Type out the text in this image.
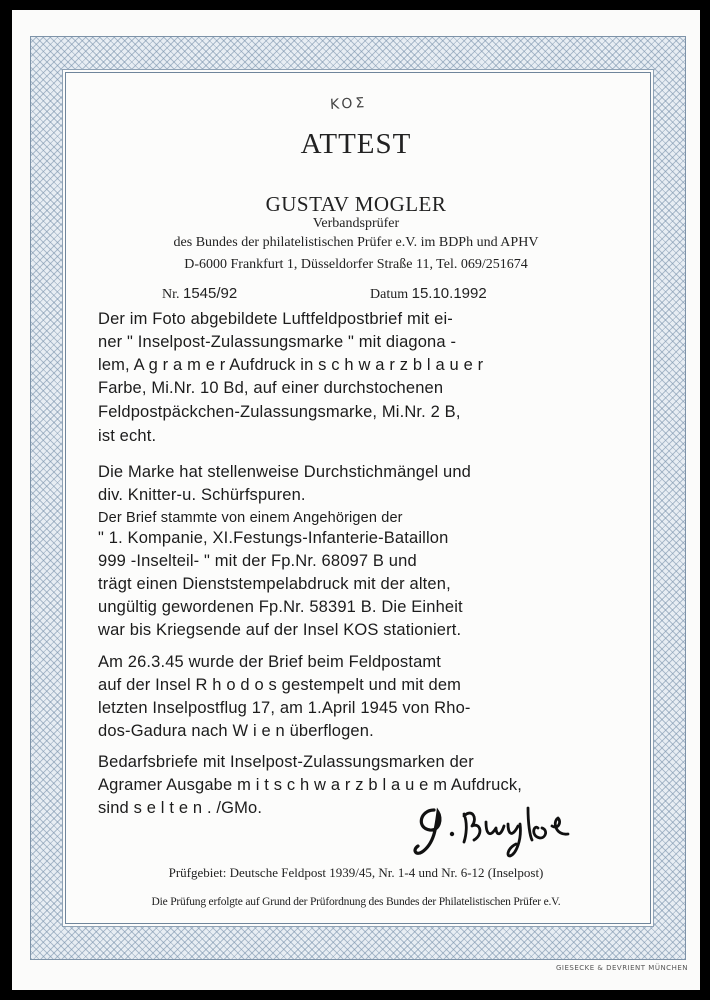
KOΣ
ATTEST
GUSTAV MOGLER
Verbandsprüfer
des Bundes der philatelistischen Prüfer e.V. im BDPh und APHV
D-6000 Frankfurt 1, Düsseldorfer Straße 11, Tel. 069/251674
Nr. 1545/92	Datum 15.10.1992
Der im Foto abgebildete Luftfeldpostbrief mit ei-
ner " Inselpost-Zulassungsmarke " mit diagona -
lem, A g r a m e r Aufdruck in s c h w a r z b l a u e r
Farbe, Mi.Nr. 10 Bd, auf einer durchstochenen
Feldpostpäckchen-Zulassungsmarke, Mi.Nr. 2 B,
ist echt.
Die Marke hat stellenweise Durchstichmängel und
div. Knitter-u. Schürfspuren.
Der Brief stammte von einem Angehörigen der
" 1. Kompanie, XI.Festungs-Infanterie-Bataillon
999 -Inselteil- " mit der Fp.Nr. 68097 B und
trägt einen Dienststempelabdruck mit der alten,
ungültig gewordenen Fp.Nr. 58391 B. Die Einheit
war bis Kriegsende auf der Insel KOS stationiert.
Am 26.3.45 wurde der Brief beim Feldpostamt
auf der Insel R h o d o s gestempelt und mit dem
letzten Inselpostflug 17, am 1.April 1945 von Rho-
dos-Gadura nach W i e n überflogen.
Bedarfsbriefe mit Inselpost-Zulassungsmarken der
Agramer Ausgabe m i t s c h w a r z b l a u e m Aufdruck,
sind s e l t e n . /GMo.
Prüfgebiet: Deutsche Feldpost 1939/45, Nr. 1-4 und Nr. 6-12 (Inselpost)
Die Prüfung erfolgte auf Grund der Prüfordnung des Bundes der Philatelistischen Prüfer e.V.
GIESECKE & DEVRIENT MÜNCHEN
